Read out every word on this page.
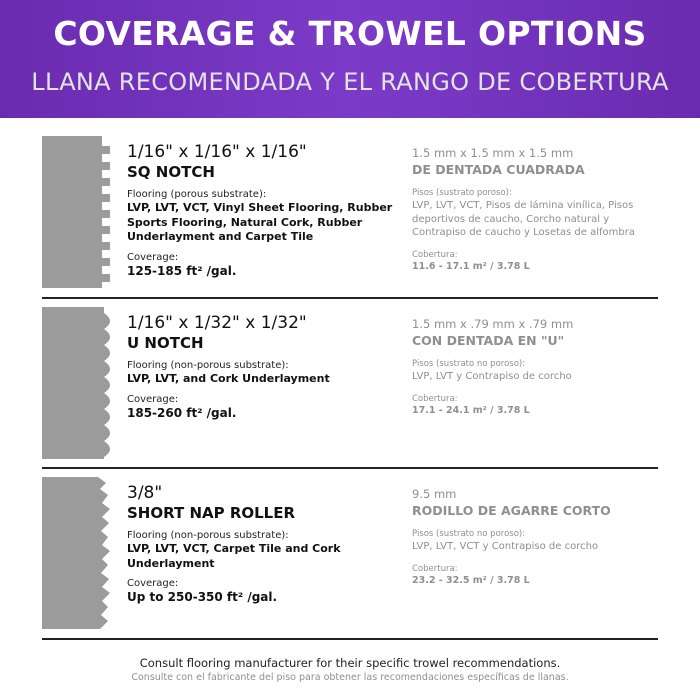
COVERAGE & TROWEL OPTIONS
LLANA RECOMENDADA Y EL RANGO DE COBERTURA
1/16" x 1/16" x 1/16"
SQ NOTCH
Flooring (porous substrate):
LVP, LVT, VCT, Vinyl Sheet Flooring, Rubber Sports Flooring, Natural Cork, Rubber Underlayment and Carpet Tile
Coverage:
125-185 ft² /gal.
1.5 mm x 1.5 mm x 1.5 mm
DE DENTADA CUADRADA
Pisos (sustrato poroso):
LVP, LVT, VCT, Pisos de lámina vinílica, Pisos deportivos de caucho, Corcho natural y Contrapiso de caucho y Losetas de alfombra
Cobertura:
11.6 - 17.1 m² / 3.78 L
1/16" x 1/32" x 1/32"
U NOTCH
Flooring (non-porous substrate):
LVP, LVT, and Cork Underlayment
Coverage:
185-260 ft² /gal.
1.5 mm x .79 mm x .79 mm
CON DENTADA EN "U"
Pisos (sustrato no poroso):
LVP, LVT y Contrapiso de corcho
Cobertura:
17.1 - 24.1 m² / 3.78 L
3/8"
SHORT NAP ROLLER
Flooring (non-porous substrate):
LVP, LVT, VCT, Carpet Tile and Cork Underlayment
Coverage:
Up to 250-350 ft² /gal.
9.5 mm
RODILLO DE AGARRE CORTO
Pisos (sustrato no poroso):
LVP, LVT, VCT y Contrapiso de corcho
Cobertura:
23.2 - 32.5 m² / 3.78 L
Consult flooring manufacturer for their specific trowel recommendations.
Consulte con el fabricante del piso para obtener las recomendaciones específicas de llanas.
